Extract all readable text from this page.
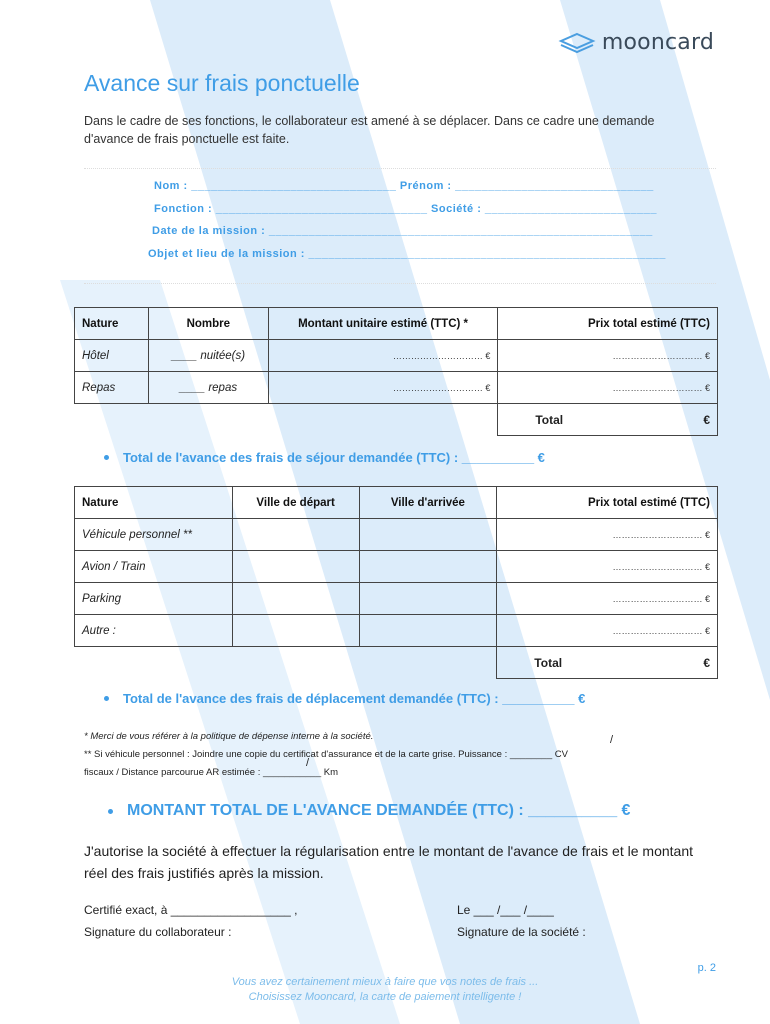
mooncard
Avance sur frais ponctuelle

Dans le cadre de ses fonctions, le collaborateur est amené à se déplacer. Dans ce cadre une demande d'avance de frais ponctuelle est faite.

Nom : _______________________________ Prénom : ______________________________
Fonction : ________________________________ Société : __________________________
Date de la mission : __________________________________________________________
Objet et lieu de la mission : ______________________________________________________
Nature	Nombre	Montant unitaire estimé (TTC) *	Prix total estimé (TTC)
Hôtel	____ nuitée(s)	………………………… €	………………………… €
Repas	____ repas	………………………… €	………………………… €
			Total €
Total de l'avance des frais de séjour demandée (TTC) : __________ €
Nature	Ville de départ	Ville d'arrivée	Prix total estimé (TTC)
Véhicule personnel **			………………………… €
Avion / Train			………………………… €
Parking			………………………… €
Autre :			………………………… €
			Total €
Total de l'avance des frais de déplacement demandée (TTC) : __________ €
* Merci de vous référer à la politique de dépense interne à la société.
** Si véhicule personnel : Joindre une copie du certificat d'assurance et de la carte grise. Puissance : ________ CV
fiscaux / Distance parcourue AR estimée : ___________ Km
/
/
MONTANT TOTAL DE L'AVANCE DEMANDÉE (TTC) : __________ €

J'autorise la société à effectuer la régularisation entre le montant de l'avance de frais et le montant réel des frais justifiés après la mission.

Certifié exact, à __________________ ,	Le ___ /___ /____
Signature du collaborateur :	Signature de la société :
p. 2
Vous avez certainement mieux à faire que vos notes de frais ...
Choisissez Mooncard, la carte de paiement intelligente !
